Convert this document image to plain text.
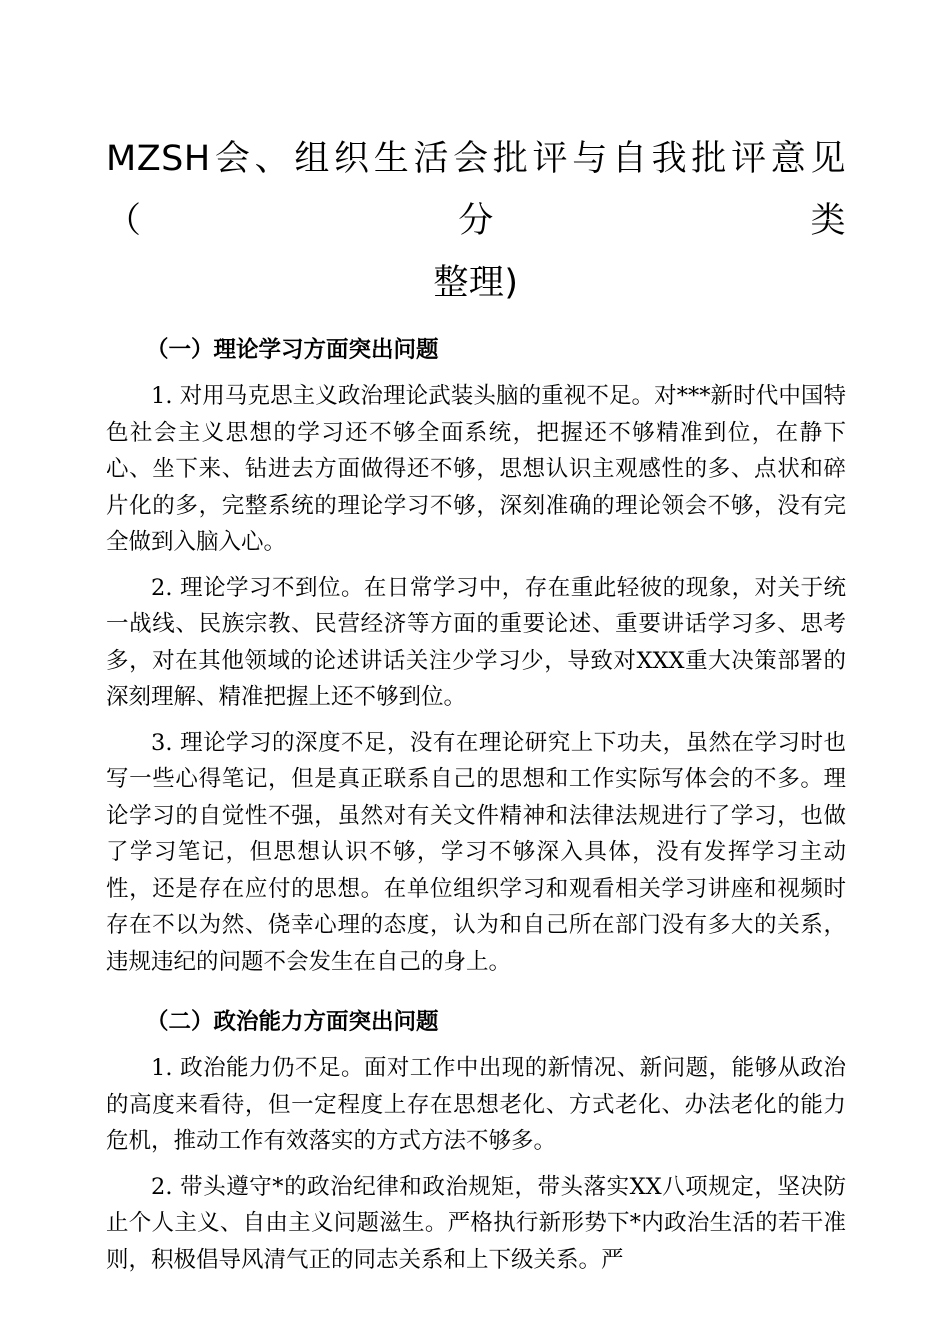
MZSH会、组织生活会批评与自我批评意见（分类
整理)
（一）理论学习方面突出问题

1. 对用马克思主义政治理论武装头脑的重视不足。对***新时代中国特色社会主义思想的学习还不够全面系统，把握还不够精准到位，在静下心、坐下来、钻进去方面做得还不够，思想认识主观感性的多、点状和碎片化的多，完整系统的理论学习不够，深刻准确的理论领会不够，没有完全做到入脑入心。

2. 理论学习不到位。在日常学习中，存在重此轻彼的现象，对关于统一战线、民族宗教、民营经济等方面的重要论述、重要讲话学习多、思考多，对在其他领域的论述讲话关注少学习少，导致对XXX重大决策部署的深刻理解、精准把握上还不够到位。

3. 理论学习的深度不足，没有在理论研究上下功夫，虽然在学习时也写一些心得笔记，但是真正联系自己的思想和工作实际写体会的不多。理论学习的自觉性不强，虽然对有关文件精神和法律法规进行了学习，也做了学习笔记，但思想认识不够，学习不够深入具体，没有发挥学习主动性，还是存在应付的思想。在单位组织学习和观看相关学习讲座和视频时存在不以为然、侥幸心理的态度，认为和自己所在部门没有多大的关系，违规违纪的问题不会发生在自己的身上。

（二）政治能力方面突出问题

1. 政治能力仍不足。面对工作中出现的新情况、新问题，能够从政治的高度来看待，但一定程度上存在思想老化、方式老化、办法老化的能力危机，推动工作有效落实的方式方法不够多。

2. 带头遵守*的政治纪律和政治规矩，带头落实XX八项规定，坚决防止个人主义、自由主义问题滋生。严格执行新形势下*内政治生活的若干准则，积极倡导风清气正的同志关系和上下级关系。严
